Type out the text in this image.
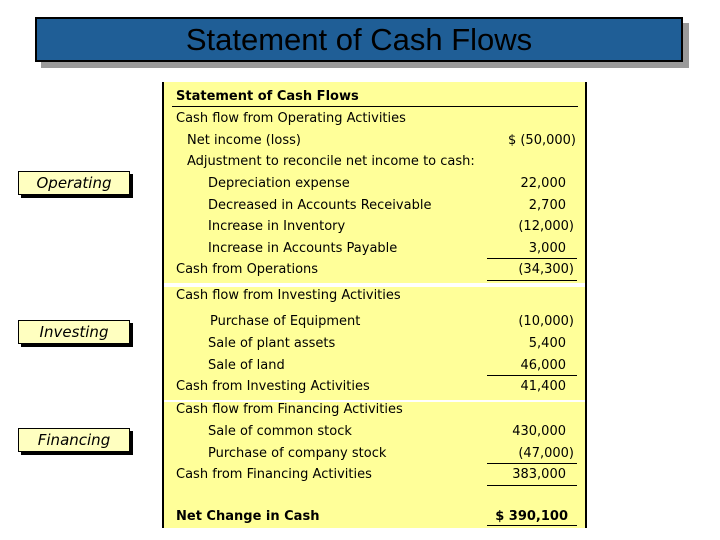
Statement of Cash Flows
Operating
Investing
Financing
Statement of Cash Flows
Cash flow from Operating Activities
Net income (loss)	$ (50,000)
Adjustment to reconcile net income to cash:
Depreciation expense	22,000
Decreased in Accounts Receivable	2,700
Increase in Inventory	(12,000)
Increase in Accounts Payable	3,000
Cash from Operations	(34,300)
Cash flow from Investing Activities
Purchase of Equipment	(10,000)
Sale of plant assets	5,400
Sale of land	46,000
Cash from Investing Activities	41,400
Cash flow from Financing Activities
Sale of common stock	430,000
Purchase of company stock	(47,000)
Cash from Financing Activities	383,000
Net Change in Cash	$ 390,100
